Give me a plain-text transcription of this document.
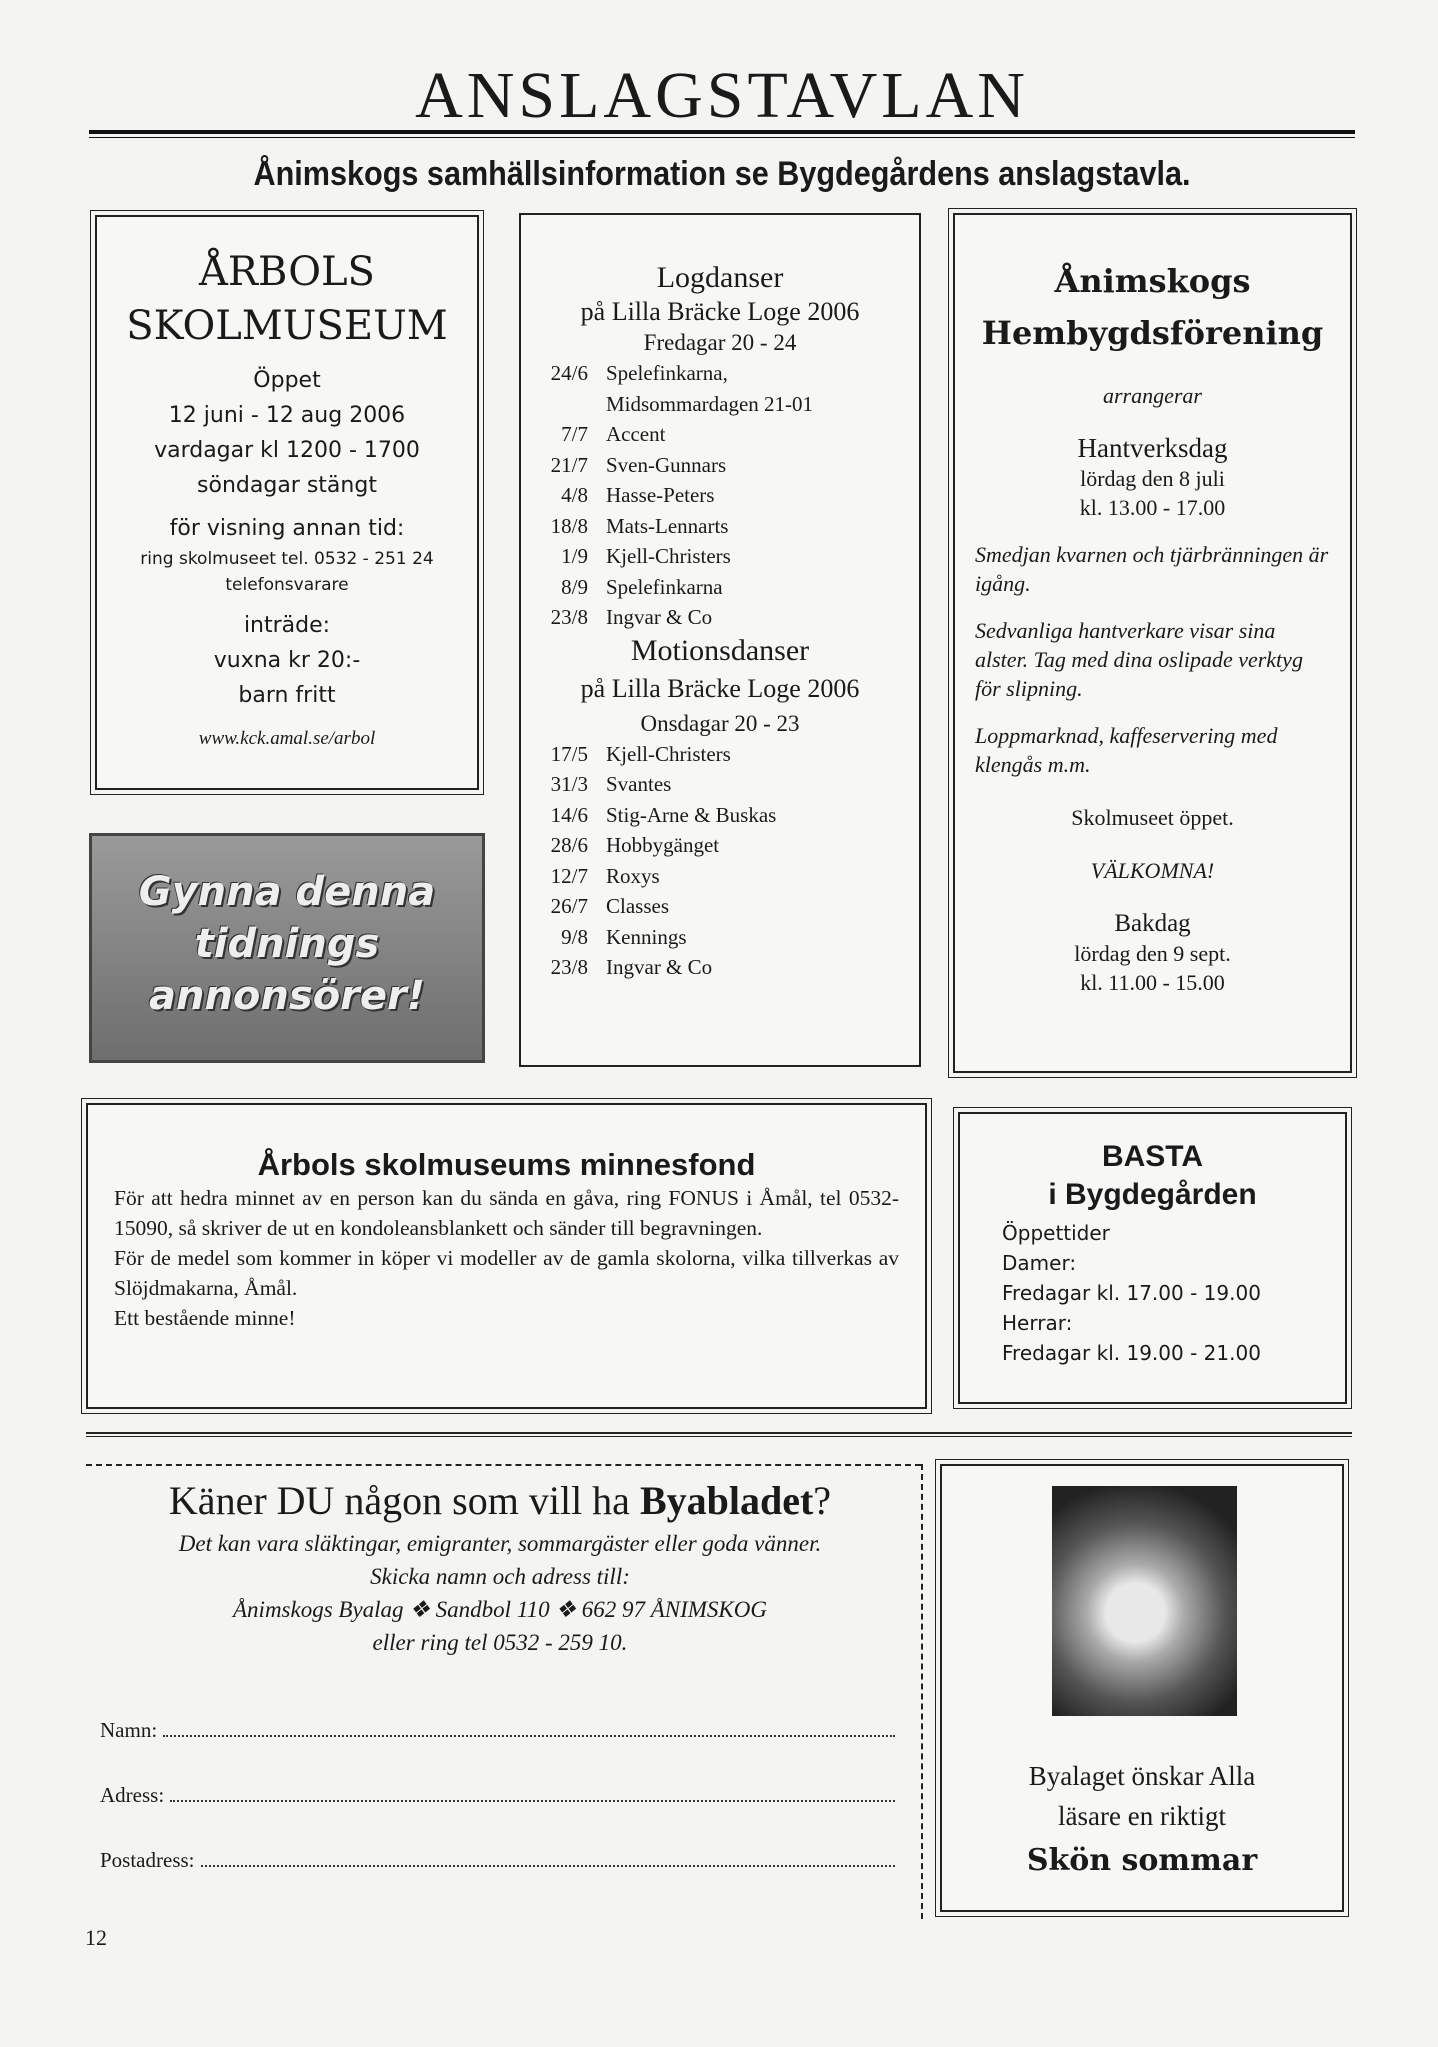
ANSLAGSTAVLAN
Ånimskogs samhällsinformation se Bygdegårdens anslagstavla.
ÅRBOLS
SKOLMUSEUM

Öppet

12 juni - 12 aug 2006

vardagar kl 1200 - 1700

söndagar stängt

för visning annan tid:

ring skolmuseet tel. 0532 - 251 24

telefonsvarare

inträde:

vuxna kr 20:-

barn fritt

www.kck.amal.se/arbol

Gynna denna
tidnings
annonsörer!
Logdanser
på Lilla Bräcke Loge 2006
Fredagar 20 - 24
24/6 Spelefinkarna,
Midsommardagen 21-01
7/7 Accent
21/7 Sven-Gunnars
4/8 Hasse-Peters
18/8 Mats-Lennarts
1/9 Kjell-Christers
8/9 Spelefinkarna
23/8 Ingvar & Co
Motionsdanser
på Lilla Bräcke Loge 2006
Onsdagar 20 - 23
17/5 Kjell-Christers
31/3 Svantes
14/6 Stig-Arne & Buskas
28/6 Hobbygänget
12/7 Roxys
26/7 Classes
9/8 Kennings
23/8 Ingvar & Co
Ånimskogs
Hembygdsförening
arrangerar
Hantverksdag
lördag den 8 juli
kl. 13.00 - 17.00
Smedjan kvarnen och tjärbränningen är igång.
Sedvanliga hantverkare visar sina alster. Tag med dina oslipade verktyg för slipning.
Loppmarknad, kaffeservering med klengås m.m.
Skolmuseet öppet.
VÄLKOMNA!
Bakdag
lördag den 9 sept.
kl. 11.00 - 15.00
Årbols skolmuseums minnesfond

För att hedra minnet av en person kan du sända en gåva, ring FONUS i Åmål, tel 0532-15090, så skriver de ut en kondoleansblankett och sänder till begravningen.

För de medel som kommer in köper vi modeller av de gamla skolorna, vilka tillverkas av Slöjdmakarna, Åmål.

Ett bestående minne!

BASTA
i Bygdegården

Öppettider

Damer:

Fredagar kl. 17.00 - 19.00

Herrar:

Fredagar kl. 19.00 - 21.00

Käner DU någon som vill ha Byabladet?
Det kan vara släktingar, emigranter, sommargäster eller goda vänner.
Skicka namn och adress till:
Ånimskogs Byalag ❖ Sandbol 110 ❖ 662 97 ÅNIMSKOG
eller ring tel 0532 - 259 10.
Namn:
Adress:
Postadress:
Byalaget önskar Alla
läsare en riktigt
Skön sommar
12
